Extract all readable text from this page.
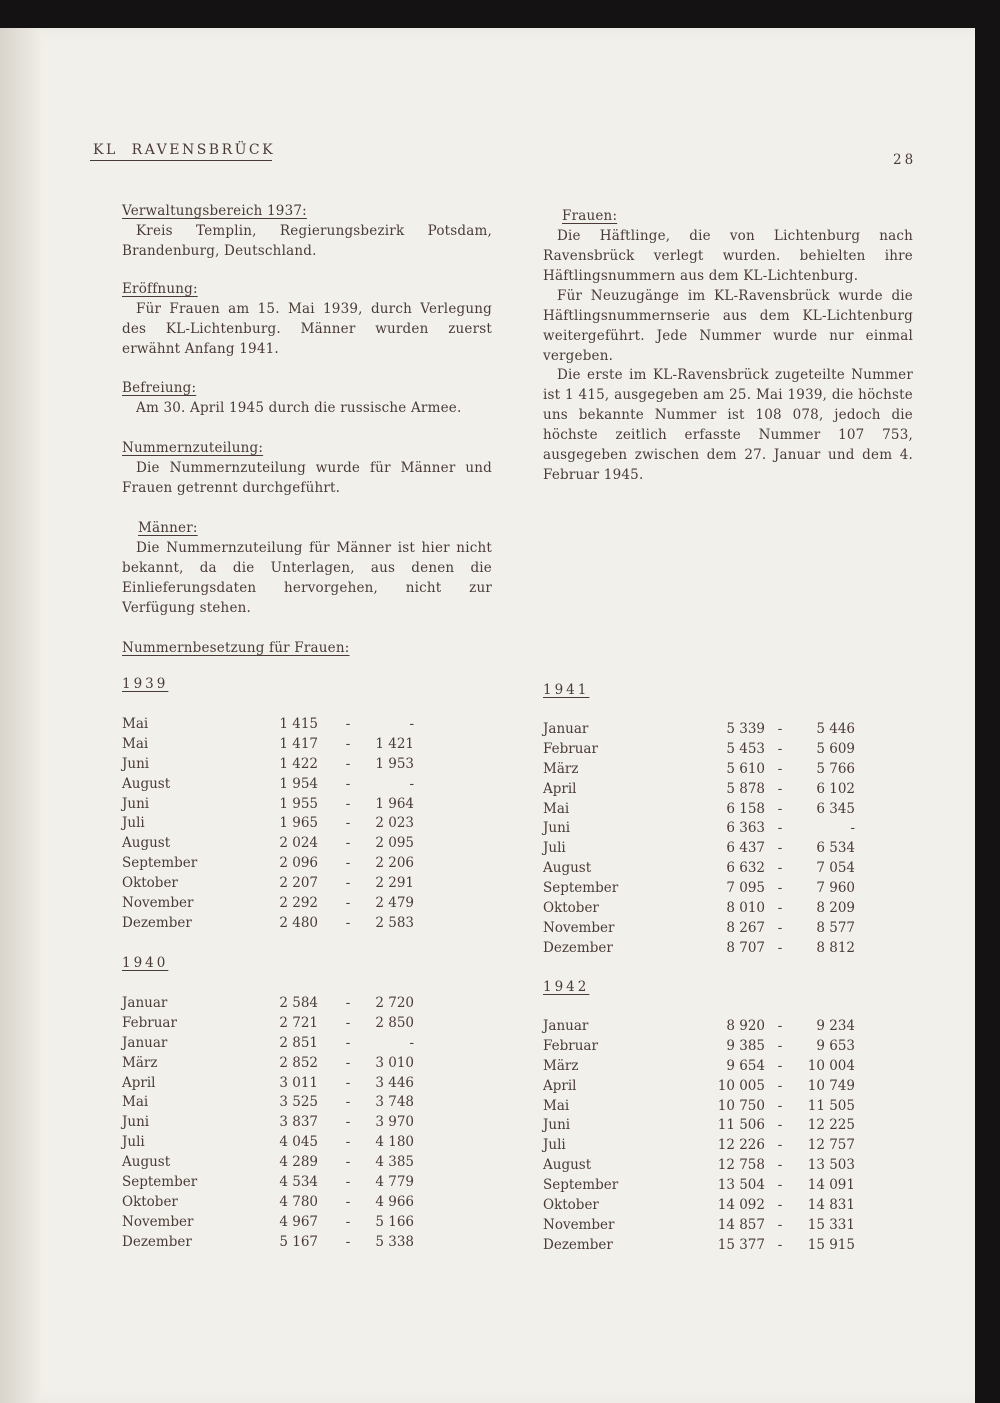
KL  RAVENSBRÜCK
28
Verwaltungsbereich 1937:
Kreis Templin, Regierungsbezirk Potsdam, Brandenburg, Deutschland.
Eröffnung:
Für Frauen am 15. Mai 1939, durch Verlegung des KL-Lichtenburg. Männer wurden zuerst erwähnt Anfang 1941.
Befreiung:
Am 30. April 1945 durch die russische Armee.
Nummernzuteilung:
Die Nummernzuteilung wurde für Männer und Frauen getrennt durchgeführt.
Männer:
Die Nummernzuteilung für Männer ist hier nicht bekannt, da die Unterlagen, aus denen die Einlieferungsdaten hervorgehen, nicht zur Verfügung stehen.
Nummernbesetzung für Frauen:
Frauen:
Die Häftlinge, die von Lichtenburg nach Ravensbrück verlegt wurden. behielten ihre Häftlingsnummern aus dem KL-Lichtenburg.
Für Neuzugänge im KL-Ravensbrück wurde die Häftlingsnummernserie aus dem KL-Lichtenburg weitergeführt. Jede Nummer wurde nur einmal vergeben.
Die erste im KL-Ravensbrück zugeteilte Nummer ist 1 415, ausgegeben am 25. Mai 1939, die höchste uns bekannte Nummer ist 108 078, jedoch die höchste zeitlich erfasste Nummer 107 753, ausgegeben zwischen dem 27. Januar und dem 4. Februar 1945.
1939
Mai	1 415 -	-
Mai	1 417 - 1 421
Juni	1 422 - 1 953
August	1 954 -	-
Juni	1 955 - 1 964
Juli	1 965 - 2 023
August	2 024 - 2 095
September	2 096 - 2 206
Oktober	2 207 - 2 291
November	2 292 - 2 479
Dezember	2 480 - 2 583
1940
Januar	2 584 - 2 720
Februar	2 721 - 2 850
Januar	2 851 -	-
März	2 852 - 3 010
April	3 011 - 3 446
Mai	3 525 - 3 748
Juni	3 837 - 3 970
Juli	4 045 - 4 180
August	4 289 - 4 385
September	4 534 - 4 779
Oktober	4 780 - 4 966
November	4 967 - 5 166
Dezember	5 167 - 5 338
1941
Januar	5 339 -	5 446
Februar	5 453 -	5 609
März	5 610 -	5 766
April	5 878 -	6 102
Mai	6 158 -	6 345
Juni	6 363 -	-
Juli	6 437 -	6 534
August	6 632 -	7 054
September	7 095 -	7 960
Oktober	8 010 -	8 209
November	8 267 -	8 577
Dezember	8 707 -	8 812
1942
Januar	8 920 -	9 234
Februar	9 385 -	9 653
März	9 654 - 10 004
April	10 005 - 10 749
Mai	10 750 - 11 505
Juni	11 506 - 12 225
Juli	12 226 - 12 757
August	12 758 - 13 503
September	13 504 - 14 091
Oktober	14 092 - 14 831
November	14 857 - 15 331
Dezember	15 377 - 15 915
